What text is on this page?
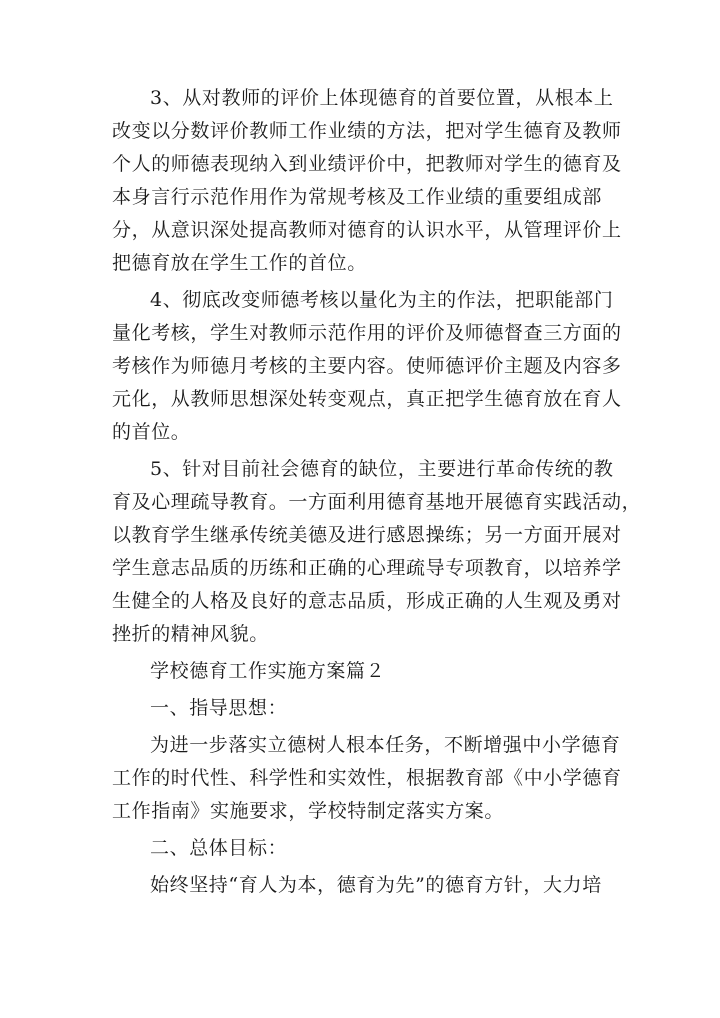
3、从对教师的评价上体现德育的首要位置，从根本上
改变以分数评价教师工作业绩的方法，把对学生德育及教师
个人的师德表现纳入到业绩评价中，把教师对学生的德育及
本身言行示范作用作为常规考核及工作业绩的重要组成部
分，从意识深处提高教师对德育的认识水平，从管理评价上
把德育放在学生工作的首位。
4、彻底改变师德考核以量化为主的作法，把职能部门
量化考核，学生对教师示范作用的评价及师德督查三方面的
考核作为师德月考核的主要内容。使师德评价主题及内容多
元化，从教师思想深处转变观点，真正把学生德育放在育人
的首位。
5、针对目前社会德育的缺位，主要进行革命传统的教
育及心理疏导教育。一方面利用德育基地开展德育实践活动，
以教育学生继承传统美德及进行感恩操练；另一方面开展对
学生意志品质的历练和正确的心理疏导专项教育，以培养学
生健全的人格及良好的意志品质，形成正确的人生观及勇对
挫折的精神风貌。
学校德育工作实施方案篇２
一、指导思想：
为进一步落实立德树人根本任务，不断增强中小学德育
工作的时代性、科学性和实效性，根据教育部《中小学德育
工作指南》实施要求，学校特制定落实方案。
二、总体目标：
始终坚持“育人为本，德育为先”的德育方针，大力培
